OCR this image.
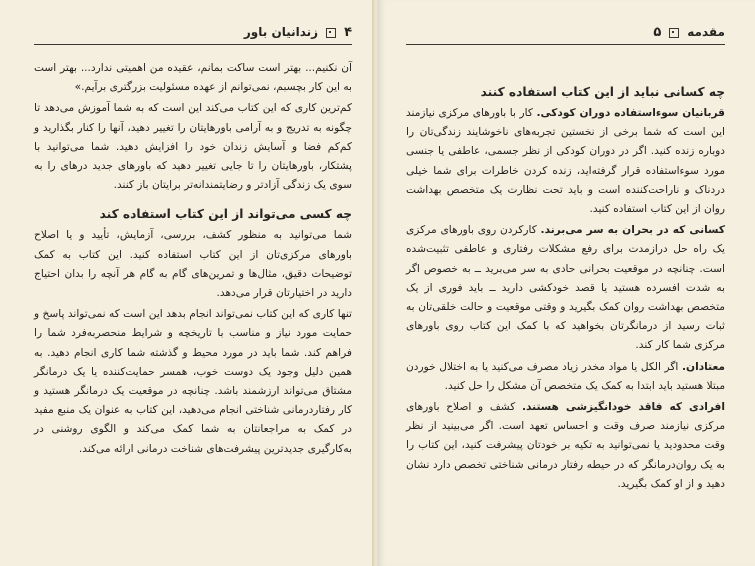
۴
زندانیان باور

آن نکنیم... بهتر است ساکت بمانم، عقیده من اهمیتی ندارد... بهتر است به این کار بچسبم، نمی‌توانم از عهده مسئولیت بزرگتری برآیم.»

کم‌ترین کاری که این کتاب می‌کند این است که به شما آموزش می‌دهد تا چگونه به تدریج و به آرامی باورهایتان را تغییر دهید، آنها را کنار بگذارید و کم‌کم فضا و آسایش زندان خود را افزایش دهید. شما می‌توانید با پشتکار، باورهایتان را تا جایی تغییر دهید که باورهای جدید درهای را به سوی یک زندگی آزادتر و رضایتمندانه‌تر برایتان باز کنند.

چه کسی می‌تواند از این کتاب استفاده کند

شما می‌توانید به منظور کشف، بررسی، آزمایش، تأیید و یا اصلاح باورهای مرکزی‌تان از این کتاب استفاده کنید. این کتاب به کمک توضیحات دقیق، مثال‌ها و تمرین‌های گام به گام هر آنچه را بدان احتیاج دارید در اختیارتان قرار می‌دهد.

تنها کاری که این کتاب نمی‌تواند انجام بدهد این است که نمی‌تواند پاسخ و حمایت مورد نیاز و مناسب با تاریخچه و شرایط منحصربه‌فرد شما را فراهم کند. شما باید در مورد محیط و گذشته شما کاری انجام دهید. به همین دلیل وجود یک دوست خوب، همسر حمایت‌کننده یا یک درمانگر مشتاق می‌تواند ارزشمند باشد. چنانچه در موقعیت یک درمانگر هستید و کار رفتاردرمانی شناختی انجام می‌دهید، این کتاب به عنوان یک منبع مفید در کمک به مراجعانتان به شما کمک می‌کند و الگوی روشنی در به‌کارگیری جدیدترین پیشرفت‌های شناخت درمانی ارائه می‌کند.

مقدمه
۵
چه کسانی نباید از این کتاب استفاده کنند

قربانیان سوءاستفاده دوران کودکی. کار با باورهای مرکزی نیازمند این است که شما برخی از نخستین تجربه‌های ناخوشایند زندگی‌تان را دوباره زنده کنید. اگر در دوران کودکی از نظر جسمی، عاطفی یا جنسی مورد سوءاستفاده قرار گرفته‌اید، زنده کردن خاطرات برای شما خیلی دردناک و ناراحت‌کننده است و باید تحت نظارت یک متخصص بهداشت روان از این کتاب استفاده کنید.

کسانی که در بحران به سر می‌برند. کارکردن روی باورهای مرکزی یک راه حل درازمدت برای رفع مشکلات رفتاری و عاطفی تثبیت‌شده است. چنانچه در موقعیت بحرانی حادی به سر می‌برید ــ به خصوص اگر به شدت افسرده هستید یا قصد خودکشی دارید ــ باید فوری از یک متخصص بهداشت روان کمک بگیرید و وقتی موقعیت و حالت خلقی‌تان به ثبات رسید از درمانگرتان بخواهید که با کمک این کتاب روی باورهای مرکزی شما کار کند.

معتادان. اگر الکل یا مواد مخدر زیاد مصرف می‌کنید یا به اختلال خوردن مبتلا هستید باید ابتدا به کمک یک متخصص آن مشکل را حل کنید.

افرادی که فاقد خودانگیزشی هستند. کشف و اصلاح باورهای مرکزی نیازمند صرف وقت و احساس تعهد است. اگر می‌بینید از نظر وقت محدودید یا نمی‌توانید به تکیه بر خودتان پیشرفت کنید، این کتاب را به یک روان‌درمانگر که در حیطه رفتار درمانی شناختی تخصص دارد نشان دهید و از او کمک بگیرید.
